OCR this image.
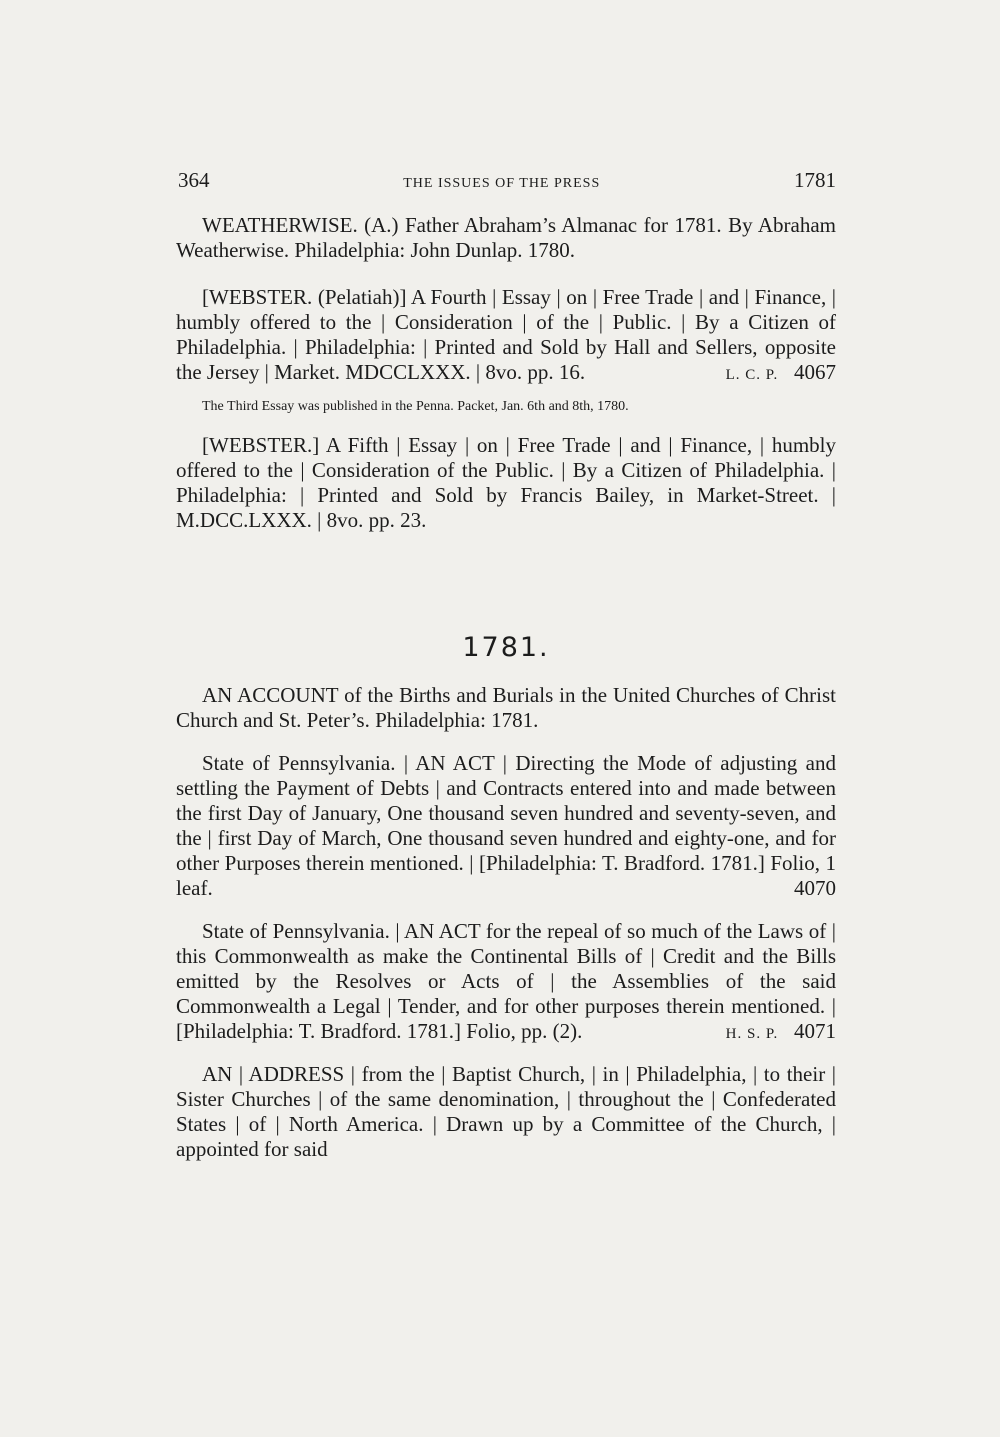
364	THE ISSUES OF THE PRESS	1781

WEATHERWISE. (A.) Father Abraham’s Almanac for 1781. By Abraham Weatherwise. Philadelphia: John Dunlap. 1780.

[WEBSTER. (Pelatiah)] A Fourth | Essay | on | Free Trade | and | Finance, | humbly offered to the | Consideration | of the | Public. | By a Citizen of Philadelphia. | Philadelphia: | Printed and Sold by Hall and Sellers, opposite the Jersey | Market. MDCCLXXX. | 8vo. pp. 16.	L. C. P. 4067

The Third Essay was published in the Penna. Packet, Jan. 6th and 8th, 1780.

[WEBSTER.] A Fifth | Essay | on | Free Trade | and | Finance, | humbly offered to the | Consideration of the Public. | By a Citizen of Philadelphia. | Philadelphia: | Printed and Sold by Francis Bailey, in Market-Street. | M.DCC.LXXX. | 8vo. pp. 23.

1781.

AN ACCOUNT of the Births and Burials in the United Churches of Christ Church and St. Peter’s. Philadelphia: 1781.

State of Pennsylvania. | AN ACT | Directing the Mode of adjusting and settling the Payment of Debts | and Contracts entered into and made between the first Day of January, One thousand seven hundred and seventy-seven, and the | first Day of March, One thousand seven hundred and eighty-one, and for other Purposes therein mentioned. | [Philadelphia: T. Bradford. 1781.] Folio, 1 leaf.	4070

State of Pennsylvania. | AN ACT for the repeal of so much of the Laws of | this Commonwealth as make the Continental Bills of | Credit and the Bills emitted by the Resolves or Acts of | the Assemblies of the said Commonwealth a Legal | Tender, and for other purposes therein mentioned. | [Philadelphia: T. Bradford. 1781.] Folio, pp. (2).	H. S. P. 4071

AN | ADDRESS | from the | Baptist Church, | in | Philadelphia, | to their | Sister Churches | of the same denomination, | throughout the | Confederated States | of | North America. | Drawn up by a Committee of the Church, | appointed for said
